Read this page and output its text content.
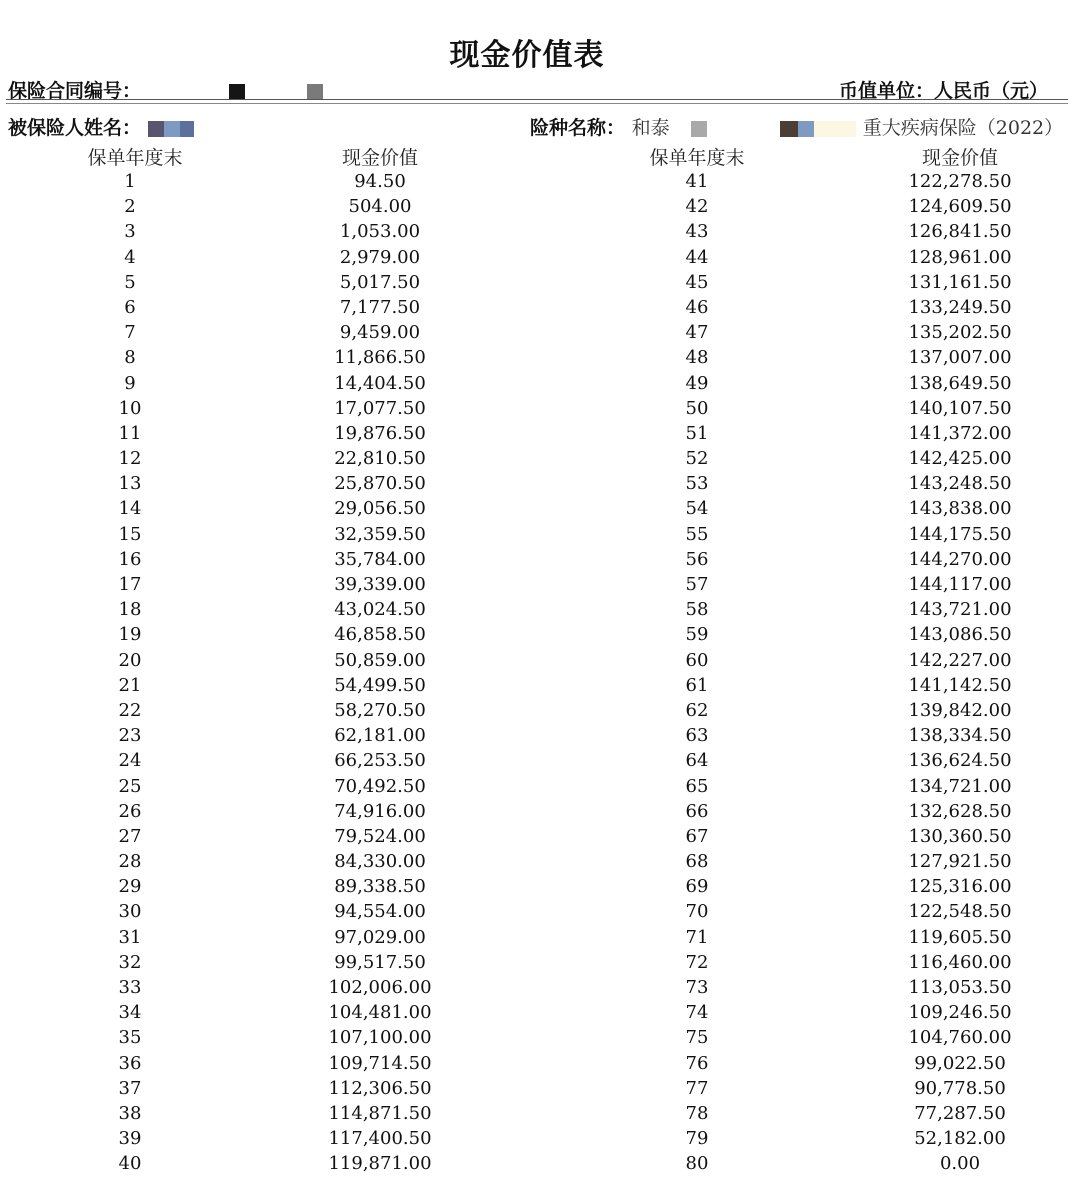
现金价值表
保险合同编号：	币值单位：人民币（元）
被保险人姓名：	险种名称： 和泰	重大疾病保险（2022）
保单年度末	现金价值	保单年度末	现金价值
1	94.50	41	122,278.50
2	504.00	42	124,609.50
3	1,053.00	43	126,841.50
4	2,979.00	44	128,961.00
5	5,017.50	45	131,161.50
6	7,177.50	46	133,249.50
7	9,459.00	47	135,202.50
8	11,866.50	48	137,007.00
9	14,404.50	49	138,649.50
10	17,077.50	50	140,107.50
11	19,876.50	51	141,372.00
12	22,810.50	52	142,425.00
13	25,870.50	53	143,248.50
14	29,056.50	54	143,838.00
15	32,359.50	55	144,175.50
16	35,784.00	56	144,270.00
17	39,339.00	57	144,117.00
18	43,024.50	58	143,721.00
19	46,858.50	59	143,086.50
20	50,859.00	60	142,227.00
21	54,499.50	61	141,142.50
22	58,270.50	62	139,842.00
23	62,181.00	63	138,334.50
24	66,253.50	64	136,624.50
25	70,492.50	65	134,721.00
26	74,916.00	66	132,628.50
27	79,524.00	67	130,360.50
28	84,330.00	68	127,921.50
29	89,338.50	69	125,316.00
30	94,554.00	70	122,548.50
31	97,029.00	71	119,605.50
32	99,517.50	72	116,460.00
33	102,006.00	73	113,053.50
34	104,481.00	74	109,246.50
35	107,100.00	75	104,760.00
36	109,714.50	76	99,022.50
37	112,306.50	77	90,778.50
38	114,871.50	78	77,287.50
39	117,400.50	79	52,182.00
40	119,871.00	80	0.00
